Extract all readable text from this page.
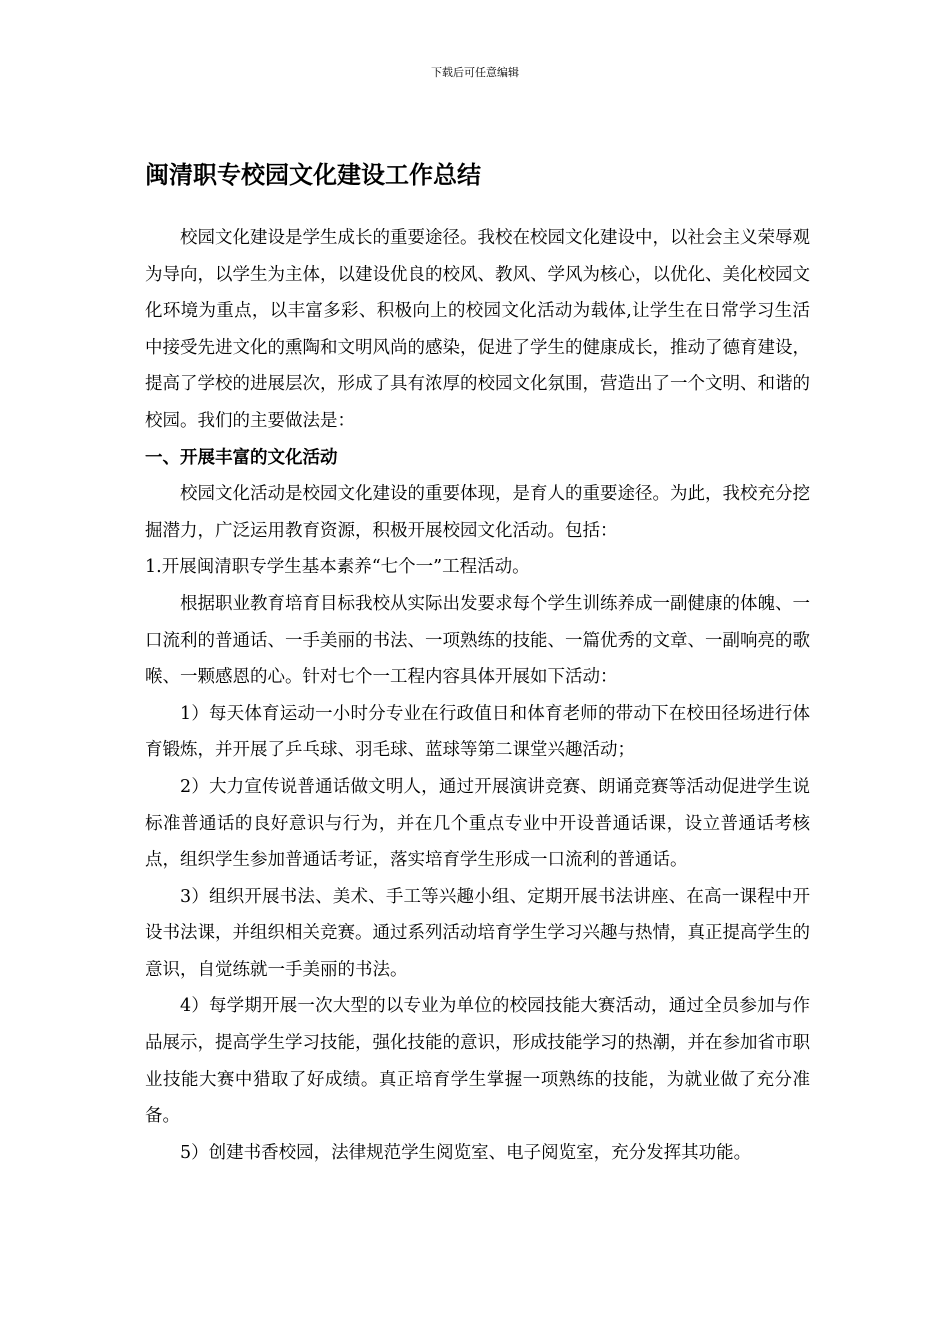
下载后可任意编辑
闽清职专校园文化建设工作总结

校园文化建设是学生成长的重要途径。我校在校园文化建设中，以社会主义荣辱观为导向，以学生为主体，以建设优良的校风、教风、学风为核心，以优化、美化校园文化环境为重点，以丰富多彩、积极向上的校园文化活动为载体,让学生在日常学习生活中接受先进文化的熏陶和文明风尚的感染，促进了学生的健康成长，推动了德育建设，提高了学校的进展层次，形成了具有浓厚的校园文化氛围，营造出了一个文明、和谐的校园。我们的主要做法是：

一、开展丰富的文化活动

校园文化活动是校园文化建设的重要体现，是育人的重要途径。为此，我校充分挖掘潜力，广泛运用教育资源，积极开展校园文化活动。包括：

1.开展闽清职专学生基本素养“七个一”工程活动。

根据职业教育培育目标我校从实际出发要求每个学生训练养成一副健康的体魄、一口流利的普通话、一手美丽的书法、一项熟练的技能、一篇优秀的文章、一副响亮的歌喉、一颗感恩的心。针对七个一工程内容具体开展如下活动：

1）每天体育运动一小时分专业在行政值日和体育老师的带动下在校田径场进行体育锻炼，并开展了乒乓球、羽毛球、蓝球等第二课堂兴趣活动；

2）大力宣传说普通话做文明人，通过开展演讲竞赛、朗诵竞赛等活动促进学生说标准普通话的良好意识与行为，并在几个重点专业中开设普通话课，设立普通话考核点，组织学生参加普通话考证，落实培育学生形成一口流利的普通话。

3）组织开展书法、美术、手工等兴趣小组、定期开展书法讲座、在高一课程中开设书法课，并组织相关竞赛。通过系列活动培育学生学习兴趣与热情，真正提高学生的意识，自觉练就一手美丽的书法。

4）每学期开展一次大型的以专业为单位的校园技能大赛活动，通过全员参加与作品展示，提高学生学习技能，强化技能的意识，形成技能学习的热潮，并在参加省市职业技能大赛中猎取了好成绩。真正培育学生掌握一项熟练的技能，为就业做了充分准备。

5）创建书香校园，法律规范学生阅览室、电子阅览室，充分发挥其功能。
